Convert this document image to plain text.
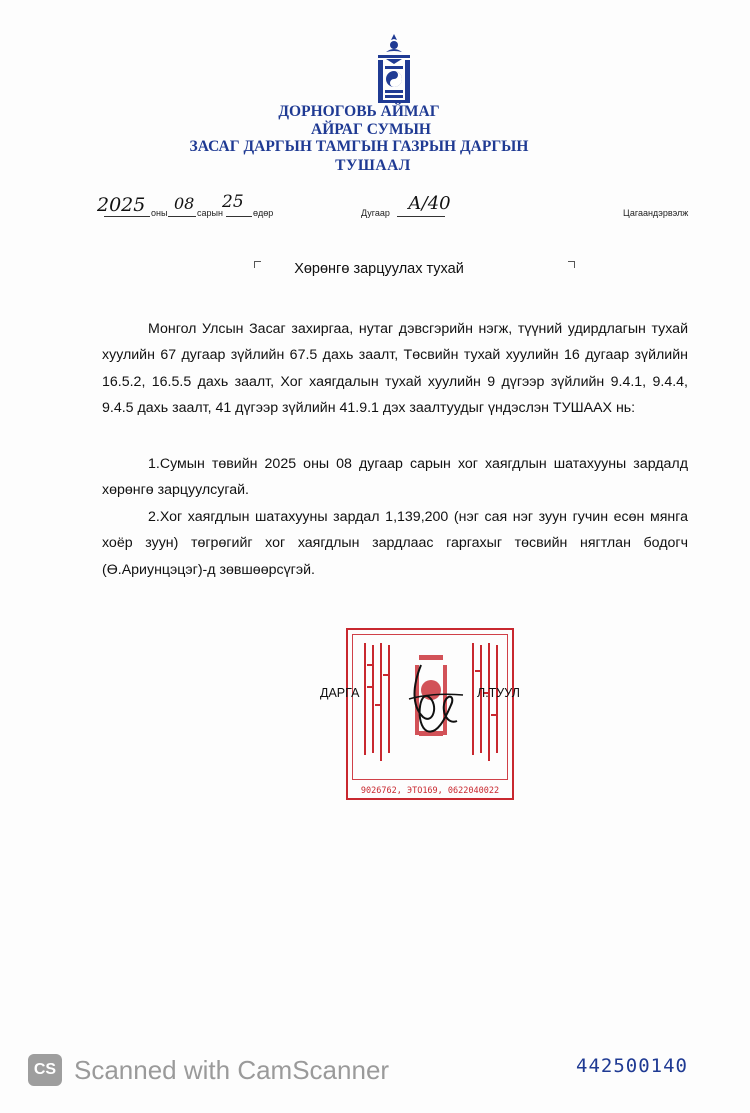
ДОРНОГОВЬ АЙМАГ
АЙРАГ СУМЫН
ЗАСАГ ДАРГЫН ТАМГЫН ГАЗРЫН ДАРГЫН
ТУШААЛ
2025 оны 08 сарын
25
өдөр	Дугаар А/40	Цагаандэрвэлж
Хөрөнгө зарцуулах тухай
Монгол Улсын Засаг захиргаа, нутаг дэвсгэрийн нэгж, түүний удирдлагын тухай хуулийн 67 дугаар зүйлийн 67.5 дахь заалт, Төсвийн тухай хуулийн 16 дугаар зүйлийн 16.5.2, 16.5.5 дахь заалт, Хог хаягдалын тухай хуулийн 9 дүгээр зүйлийн 9.4.1, 9.4.4, 9.4.5 дахь заалт, 41 дүгээр зүйлийн 41.9.1 дэх заалтуудыг үндэслэн ТУШААХ нь:
1.Сумын төвийн 2025 оны 08 дугаар сарын хог хаягдлын шатахууны зардалд хөрөнгө зарцуулсугай.
2.Хог хаягдлын шатахууны зардал 1,139,200 (нэг сая нэг зуун гучин есөн мянга хоёр зуун) төгрөгийг хог хаягдлын зардлаас гаргахыг төсвийн нягтлан бодогч (Ө.Ариунцэцэг)-д зөвшөөрсүгэй.
9026762, ЭТО169, 0622040022
ДАРГА	Л.ТУУЛ
CS Scanned with CamScanner	442500140
